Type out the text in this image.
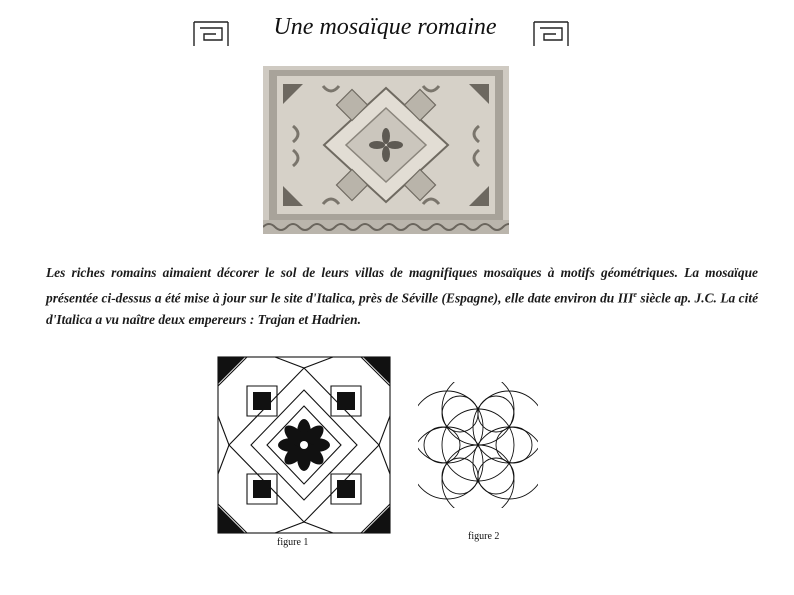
Une mosaïque romaine
Les riches romains aimaient décorer le sol de leurs villas de magnifiques mosaïques à motifs géométriques. La mosaïque présentée ci-dessus a été mise à jour sur le site d'Italica, près de Séville (Espagne), elle date environ du IIIe siècle ap. J.C. La cité d'Italica a vu naître deux empereurs : Trajan et Hadrien.
figure 1
figure 2
